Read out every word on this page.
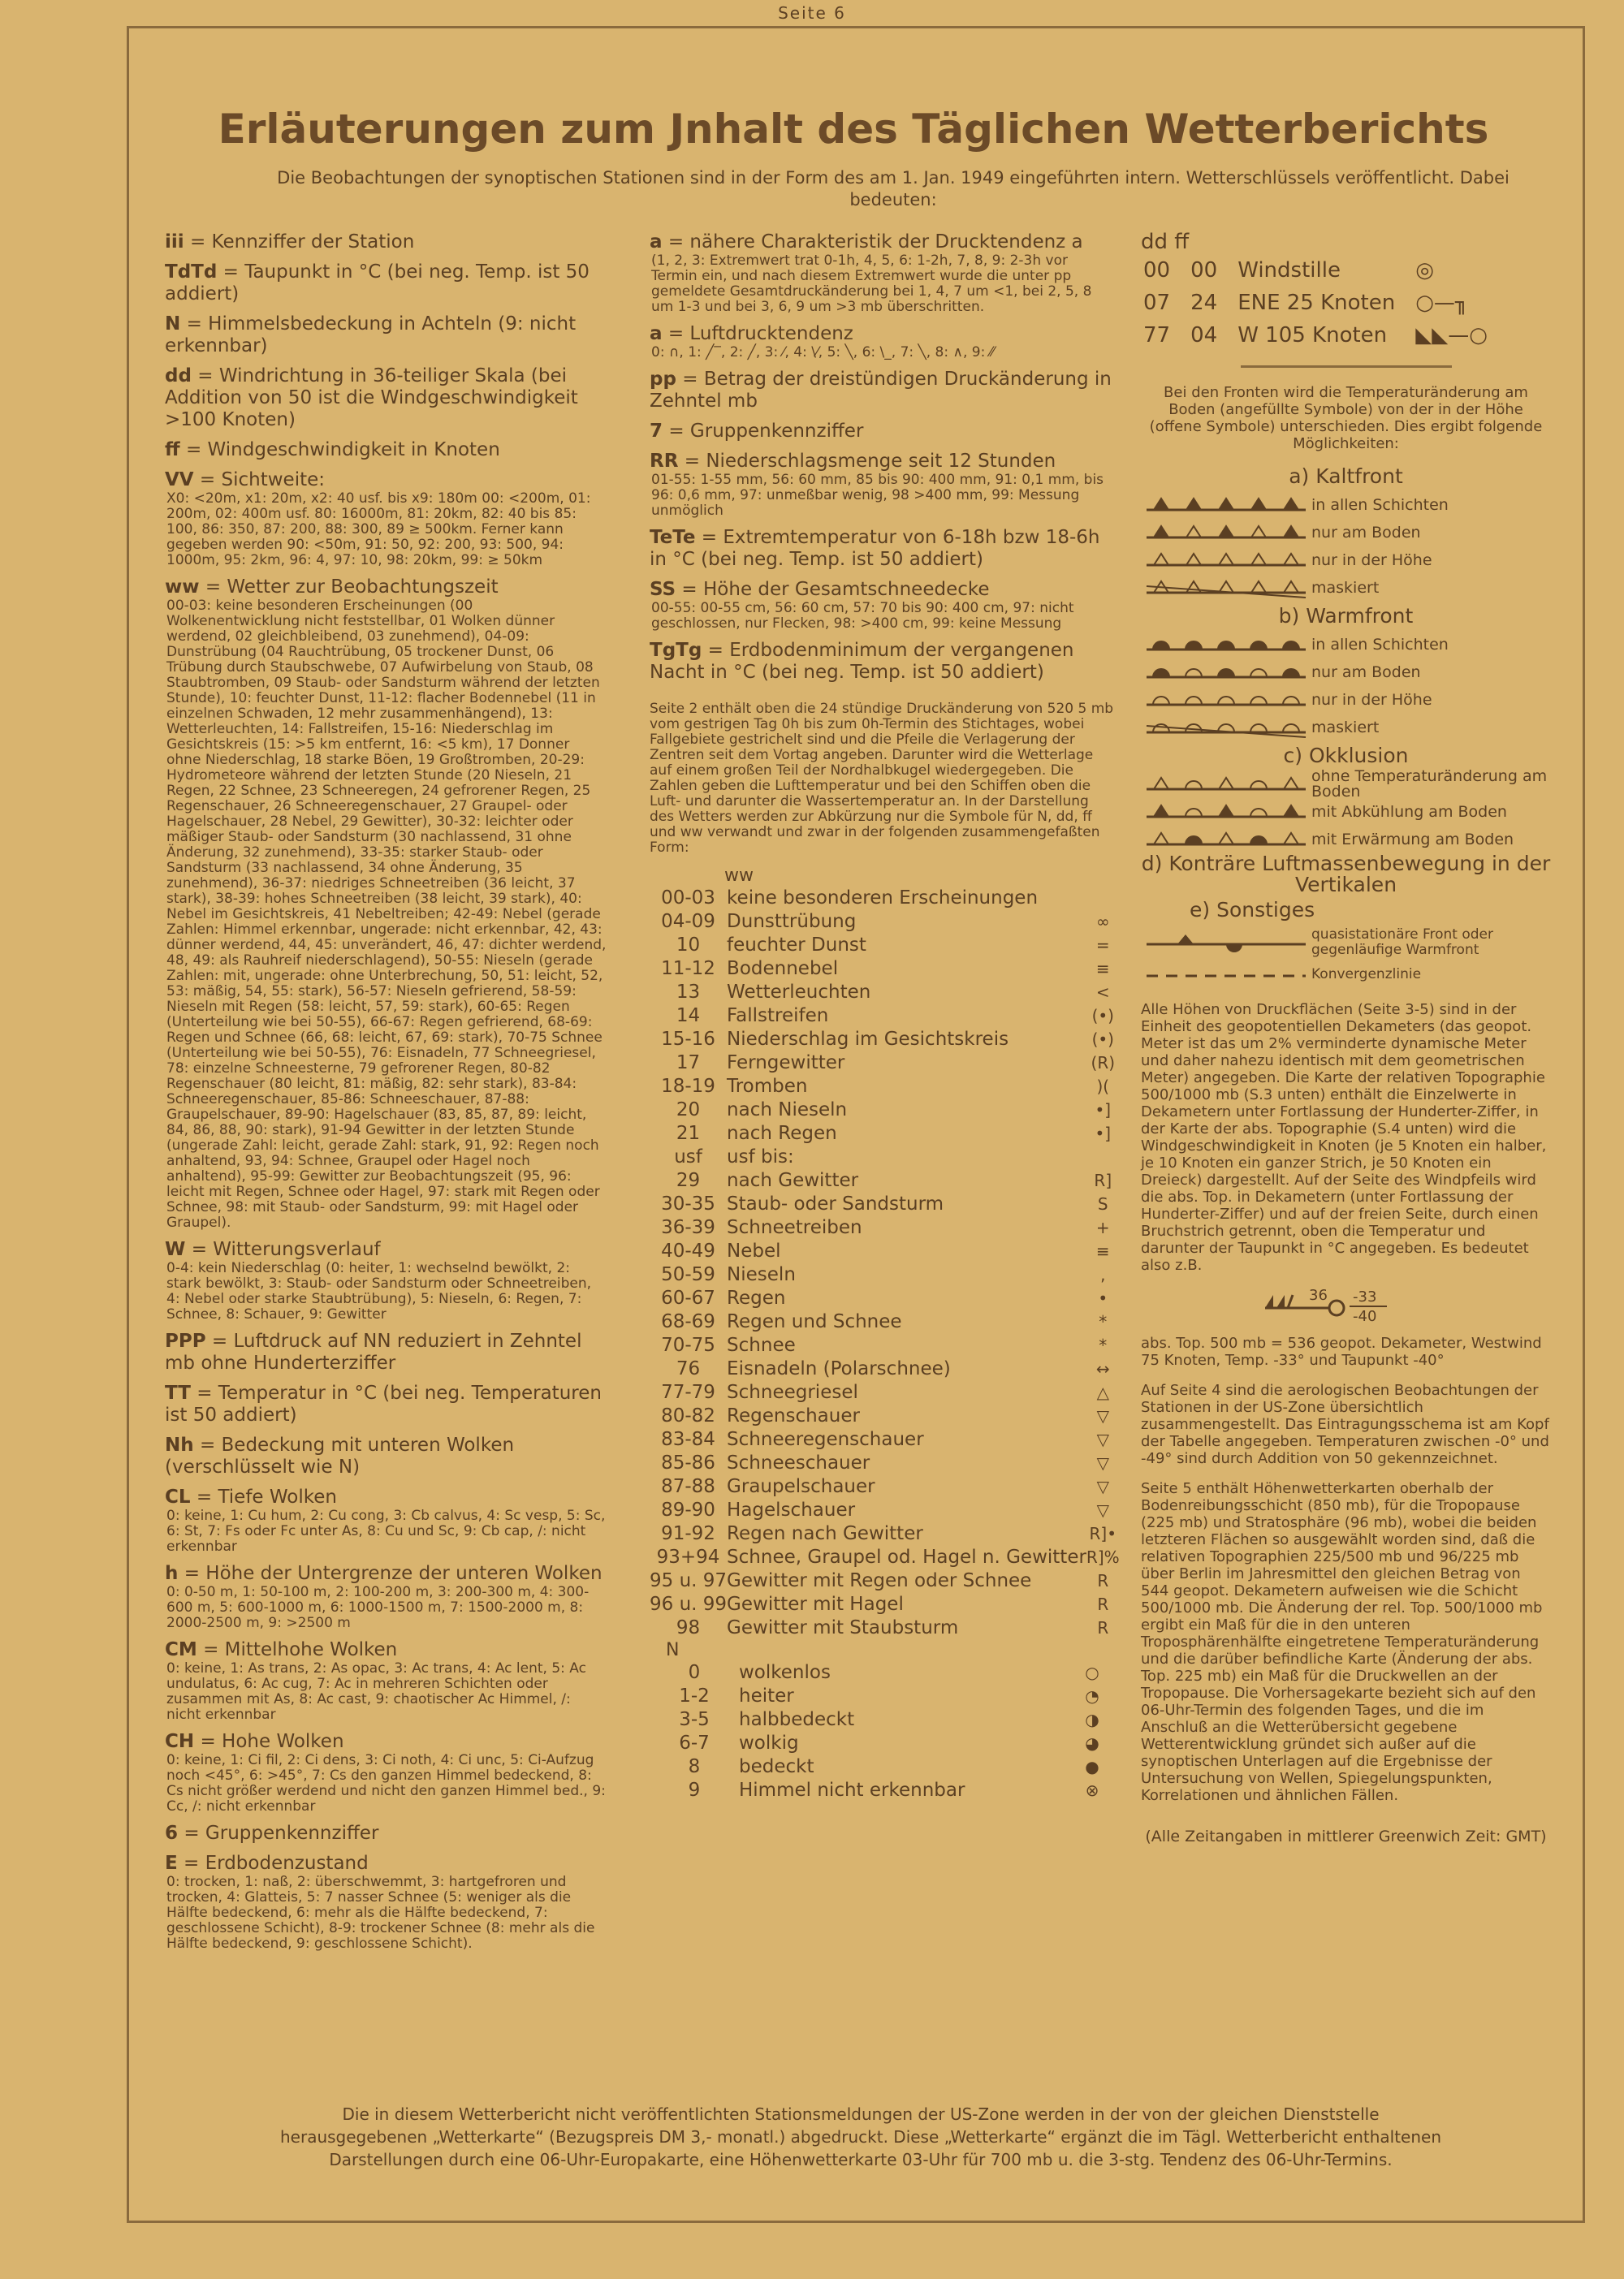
Seite 6
Erläuterungen zum Jnhalt des Täglichen Wetterberichts
Die Beobachtungen der synoptischen Stationen sind in der Form des am 1. Jan. 1949 eingeführten intern. Wetterschlüssels veröffentlicht. Dabei bedeuten:
iii = Kennziffer der Station
TdTd = Taupunkt in °C (bei neg. Temp. ist 50 addiert)
N = Himmelsbedeckung in Achteln (9: nicht erkennbar)
dd = Windrichtung in 36-teiliger Skala (bei Addition von 50 ist die Windgeschwindigkeit >100 Knoten)
ff = Windgeschwindigkeit in Knoten
VV = Sichtweite:
X0: <20m, x1: 20m, x2: 40 usf. bis x9: 180m 00: <200m, 01: 200m, 02: 400m usf. 80: 16000m, 81: 20km, 82: 40 bis 85: 100, 86: 350, 87: 200, 88: 300, 89 ≥ 500km. Ferner kann gegeben werden 90: <50m, 91: 50, 92: 200, 93: 500, 94: 1000m, 95: 2km, 96: 4, 97: 10, 98: 20km, 99: ≥ 50km
ww = Wetter zur Beobachtungszeit
00-03: keine besonderen Erscheinungen (00 Wolkenentwicklung nicht feststellbar, 01 Wolken dünner werdend, 02 gleichbleibend, 03 zunehmend), 04-09: Dunstrübung (04 Rauchtrübung, 05 trockener Dunst, 06 Trübung durch Staubschwebe, 07 Aufwirbelung von Staub, 08 Staubtromben, 09 Staub- oder Sandsturm während der letzten Stunde), 10: feuchter Dunst, 11-12: flacher Bodennebel (11 in einzelnen Schwaden, 12 mehr zusammenhängend), 13: Wetterleuchten, 14: Fallstreifen, 15-16: Niederschlag im Gesichtskreis (15: >5 km entfernt, 16: <5 km), 17 Donner ohne Niederschlag, 18 starke Böen, 19 Großtromben, 20-29: Hydrometeore während der letzten Stunde (20 Nieseln, 21 Regen, 22 Schnee, 23 Schneeregen, 24 gefrorener Regen, 25 Regenschauer, 26 Schneeregenschauer, 27 Graupel- oder Hagelschauer, 28 Nebel, 29 Gewitter), 30-32: leichter oder mäßiger Staub- oder Sandsturm (30 nachlassend, 31 ohne Änderung, 32 zunehmend), 33-35: starker Staub- oder Sandsturm (33 nachlassend, 34 ohne Änderung, 35 zunehmend), 36-37: niedriges Schneetreiben (36 leicht, 37 stark), 38-39: hohes Schneetreiben (38 leicht, 39 stark), 40: Nebel im Gesichtskreis, 41 Nebeltreiben; 42-49: Nebel (gerade Zahlen: Himmel erkennbar, ungerade: nicht erkennbar, 42, 43: dünner werdend, 44, 45: unverändert, 46, 47: dichter werdend, 48, 49: als Rauhreif niederschlagend), 50-55: Nieseln (gerade Zahlen: mit, ungerade: ohne Unterbrechung, 50, 51: leicht, 52, 53: mäßig, 54, 55: stark), 56-57: Nieseln gefrierend, 58-59: Nieseln mit Regen (58: leicht, 57, 59: stark), 60-65: Regen (Unterteilung wie bei 50-55), 66-67: Regen gefrierend, 68-69: Regen und Schnee (66, 68: leicht, 67, 69: stark), 70-75 Schnee (Unterteilung wie bei 50-55), 76: Eisnadeln, 77 Schneegriesel, 78: einzelne Schneesterne, 79 gefrorener Regen, 80-82 Regenschauer (80 leicht, 81: mäßig, 82: sehr stark), 83-84: Schneeregenschauer, 85-86: Schneeschauer, 87-88: Graupelschauer, 89-90: Hagelschauer (83, 85, 87, 89: leicht, 84, 86, 88, 90: stark), 91-94 Gewitter in der letzten Stunde (ungerade Zahl: leicht, gerade Zahl: stark, 91, 92: Regen noch anhaltend, 93, 94: Schnee, Graupel oder Hagel noch anhaltend), 95-99: Gewitter zur Beobachtungszeit (95, 96: leicht mit Regen, Schnee oder Hagel, 97: stark mit Regen oder Schnee, 98: mit Staub- oder Sandsturm, 99: mit Hagel oder Graupel).
W = Witterungsverlauf
0-4: kein Niederschlag (0: heiter, 1: wechselnd bewölkt, 2: stark bewölkt, 3: Staub- oder Sandsturm oder Schneetreiben, 4: Nebel oder starke Staubtrübung), 5: Nieseln, 6: Regen, 7: Schnee, 8: Schauer, 9: Gewitter
PPP = Luftdruck auf NN reduziert in Zehntel mb ohne Hunderterziffer
TT = Temperatur in °C (bei neg. Temperaturen ist 50 addiert)
Nh = Bedeckung mit unteren Wolken (verschlüsselt wie N)
CL = Tiefe Wolken
0: keine, 1: Cu hum, 2: Cu cong, 3: Cb calvus, 4: Sc vesp, 5: Sc, 6: St, 7: Fs oder Fc unter As, 8: Cu und Sc, 9: Cb cap, /: nicht erkennbar
h = Höhe der Untergrenze der unteren Wolken
0: 0-50 m, 1: 50-100 m, 2: 100-200 m, 3: 200-300 m, 4: 300-600 m, 5: 600-1000 m, 6: 1000-1500 m, 7: 1500-2000 m, 8: 2000-2500 m, 9: >2500 m
CM = Mittelhohe Wolken
0: keine, 1: As trans, 2: As opac, 3: Ac trans, 4: Ac lent, 5: Ac undulatus, 6: Ac cug, 7: Ac in mehreren Schichten oder zusammen mit As, 8: Ac cast, 9: chaotischer Ac Himmel, /: nicht erkennbar
CH = Hohe Wolken
0: keine, 1: Ci fil, 2: Ci dens, 3: Ci noth, 4: Ci unc, 5: Ci-Aufzug noch <45°, 6: >45°, 7: Cs den ganzen Himmel bedeckend, 8: Cs nicht größer werdend und nicht den ganzen Himmel bed., 9: Cc, /: nicht erkennbar
6 = Gruppenkennziffer
E = Erdbodenzustand
0: trocken, 1: naß, 2: überschwemmt, 3: hartgefroren und trocken, 4: Glatteis, 5: 7 nasser Schnee (5: weniger als die Hälfte bedeckend, 6: mehr als die Hälfte bedeckend, 7: geschlossene Schicht), 8-9: trockener Schnee (8: mehr als die Hälfte bedeckend, 9: geschlossene Schicht).
a = nähere Charakteristik der Drucktendenz a
(1, 2, 3: Extremwert trat 0-1h, 4, 5, 6: 1-2h, 7, 8, 9: 2-3h vor Termin ein, und nach diesem Extremwert wurde die unter pp gemeldete Gesamtdruckänderung bei 1, 4, 7 um <1, bei 2, 5, 8 um 1-3 und bei 3, 6, 9 um >3 mb überschritten.
a = Luftdrucktendenz
0: ∩, 1: ╱‾, 2: ╱, 3: ⁄, 4: \⁄, 5: ╲, 6: \_, 7: ╲, 8: ∧, 9: ⁄⁄
pp = Betrag der dreistündigen Druckänderung in Zehntel mb
7 = Gruppenkennziffer
RR = Niederschlagsmenge seit 12 Stunden
01-55: 1-55 mm, 56: 60 mm, 85 bis 90: 400 mm, 91: 0,1 mm, bis 96: 0,6 mm, 97: unmeßbar wenig, 98 >400 mm, 99: Messung unmöglich
TeTe = Extremtemperatur von 6-18h bzw 18-6h in °C (bei neg. Temp. ist 50 addiert)
SS = Höhe der Gesamtschneedecke
00-55: 00-55 cm, 56: 60 cm, 57: 70 bis 90: 400 cm, 97: nicht geschlossen, nur Flecken, 98: >400 cm, 99: keine Messung
TgTg = Erdbodenminimum der vergangenen Nacht in °C (bei neg. Temp. ist 50 addiert)
Seite 2 enthält oben die 24 stündige Druckänderung von 520 5 mb vom gestrigen Tag 0h bis zum 0h-Termin des Stichtages, wobei Fallgebiete gestrichelt sind und die Pfeile die Verlagerung der Zentren seit dem Vortag angeben. Darunter wird die Wetterlage auf einem großen Teil der Nordhalbkugel wiedergegeben. Die Zahlen geben die Lufttemperatur und bei den Schiffen oben die Luft- und darunter die Wassertemperatur an. In der Darstellung des Wetters werden zur Abkürzung nur die Symbole für N, dd, ff und ww verwandt und zwar in der folgenden zusammengefaßten Form:
ww
00-03	keine besonderen Erscheinungen	
04-09	Dunsttrübung	∞
10	feuchter Dunst	=
11-12	Bodennebel	≡
13	Wetterleuchten	<
14	Fallstreifen	(•)
15-16	Niederschlag im Gesichtskreis	(•)
17	Ferngewitter	(R)
18-19	Tromben	)(
20	nach Nieseln	•]
21	nach Regen	•]
usf	usf bis:	
29	nach Gewitter	R]
30-35	Staub- oder Sandsturm	S
36-39	Schneetreiben	+
40-49	Nebel	≡
50-59	Nieseln	,
60-67	Regen	•
68-69	Regen und Schnee	*
70-75	Schnee	*
76	Eisnadeln (Polarschnee)	↔
77-79	Schneegriesel	△
80-82	Regenschauer	▽
83-84	Schneeregenschauer	▽
85-86	Schneeschauer	▽
87-88	Graupelschauer	▽
89-90	Hagelschauer	▽
91-92	Regen nach Gewitter	R]•
93+94	Schnee, Graupel od. Hagel n. Gewitter	R]%
95 u. 97	Gewitter mit Regen oder Schnee	R
96 u. 99	Gewitter mit Hagel	R
98	Gewitter mit Staubsturm	R
N
0	wolkenlos	○
1-2	heiter	◔
3-5	halbbedeckt	◑
6-7	wolkig	◕
8	bedeckt	●
9	Himmel nicht erkennbar	⊗
dd ff
00	00	Windstille	◎
07	24	ENE 25 Knoten	○—╖
77	04	W 105 Knoten	◣◣—○
Bei den Fronten wird die Temperaturänderung am Boden (angefüllte Symbole) von der in der Höhe (offene Symbole) unterschieden. Dies ergibt folgende Möglichkeiten:
a) Kaltfront
in allen Schichten
nur am Boden
nur in der Höhe
maskiert
b) Warmfront
in allen Schichten
nur am Boden
nur in der Höhe
maskiert
c) Okklusion
ohne Temperaturänderung am Boden
mit Abkühlung am Boden
mit Erwärmung am Boden
d) Konträre Luftmassenbewegung in der Vertikalen
e) Sonstiges
quasistationäre Front oder gegenläufige Warmfront
Konvergenzlinie
Alle Höhen von Druckflächen (Seite 3-5) sind in der Einheit des geopotentiellen Dekameters (das geopot. Meter ist das um 2% verminderte dynamische Meter und daher nahezu identisch mit dem geometrischen Meter) angegeben. Die Karte der relativen Topographie 500/1000 mb (S.3 unten) enthält die Einzelwerte in Dekametern unter Fortlassung der Hunderter-Ziffer, in der Karte der abs. Topographie (S.4 unten) wird die Windgeschwindigkeit in Knoten (je 5 Knoten ein halber, je 10 Knoten ein ganzer Strich, je 50 Knoten ein Dreieck) dargestellt. Auf der Seite des Windpfeils wird die abs. Top. in Dekametern (unter Fortlassung der Hunderter-Ziffer) und auf der freien Seite, durch einen Bruchstrich getrennt, oben die Temperatur und darunter der Taupunkt in °C angegeben. Es bedeutet also z.B.
36 -33
-40
abs. Top. 500 mb = 536 geopot. Dekameter, Westwind 75 Knoten, Temp. -33° und Taupunkt -40°
Auf Seite 4 sind die aerologischen Beobachtungen der Stationen in der US-Zone übersichtlich zusammengestellt. Das Eintragungsschema ist am Kopf der Tabelle angegeben. Temperaturen zwischen -0° und -49° sind durch Addition von 50 gekennzeichnet.
Seite 5 enthält Höhenwetterkarten oberhalb der Bodenreibungsschicht (850 mb), für die Tropopause (225 mb) und Stratosphäre (96 mb), wobei die beiden letzteren Flächen so ausgewählt worden sind, daß die relativen Topographien 225/500 mb und 96/225 mb über Berlin im Jahresmittel den gleichen Betrag von 544 geopot. Dekametern aufweisen wie die Schicht 500/1000 mb. Die Änderung der rel. Top. 500/1000 mb ergibt ein Maß für die in den unteren Troposphärenhälfte eingetretene Temperaturänderung und die darüber befindliche Karte (Änderung der abs. Top. 225 mb) ein Maß für die Druckwellen an der Tropopause. Die Vorhersagekarte bezieht sich auf den 06-Uhr-Termin des folgenden Tages, und die im Anschluß an die Wetterübersicht gegebene Wetterentwicklung gründet sich außer auf die synoptischen Unterlagen auf die Ergebnisse der Untersuchung von Wellen, Spiegelungspunkten, Korrelationen und ähnlichen Fällen.
(Alle Zeitangaben in mittlerer Greenwich Zeit: GMT)
Die in diesem Wetterbericht nicht veröffentlichten Stationsmeldungen der US-Zone werden in der von der gleichen Dienststelle herausgegebenen „Wetterkarte“ (Bezugspreis DM 3,- monatl.) abgedruckt. Diese „Wetterkarte“ ergänzt die im Tägl. Wetterbericht enthaltenen Darstellungen durch eine 06-Uhr-Europakarte, eine Höhenwetterkarte 03-Uhr für 700 mb u. die 3-stg. Tendenz des 06-Uhr-Termins.
